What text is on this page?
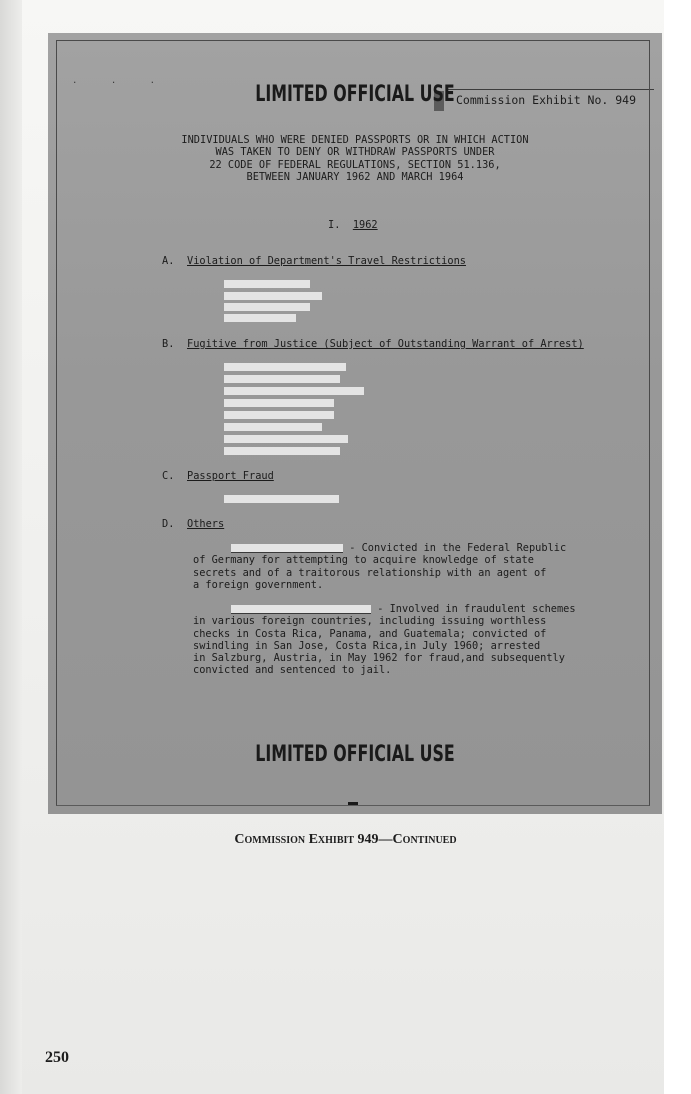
. . .
Commission Exhibit No. 949
LIMITED OFFICIAL USE
INDIVIDUALS WHO WERE DENIED PASSPORTS OR IN WHICH ACTION
WAS TAKEN TO DENY OR WITHDRAW PASSPORTS UNDER
22 CODE OF FEDERAL REGULATIONS, SECTION 51.136,
BETWEEN JANUARY 1962 AND MARCH 1964
I. 1962
A. Violation of Department's Travel Restrictions
B. Fugitive from Justice (Subject of Outstanding Warrant of Arrest)
C. Passport Fraud
D. Others
- Convicted in the Federal Republic
of Germany for attempting to acquire knowledge of state
secrets and of a traitorous relationship with an agent of
a foreign government.
- Involved in fraudulent schemes
in various foreign countries, including issuing worthless
checks in Costa Rica, Panama, and Guatemala; convicted of
swindling in San Jose, Costa Rica,in July 1960; arrested
in Salzburg, Austria, in May 1962 for fraud,and subsequently
convicted and sentenced to jail.
LIMITED OFFICIAL USE
Commission Exhibit 949—Continued
250
